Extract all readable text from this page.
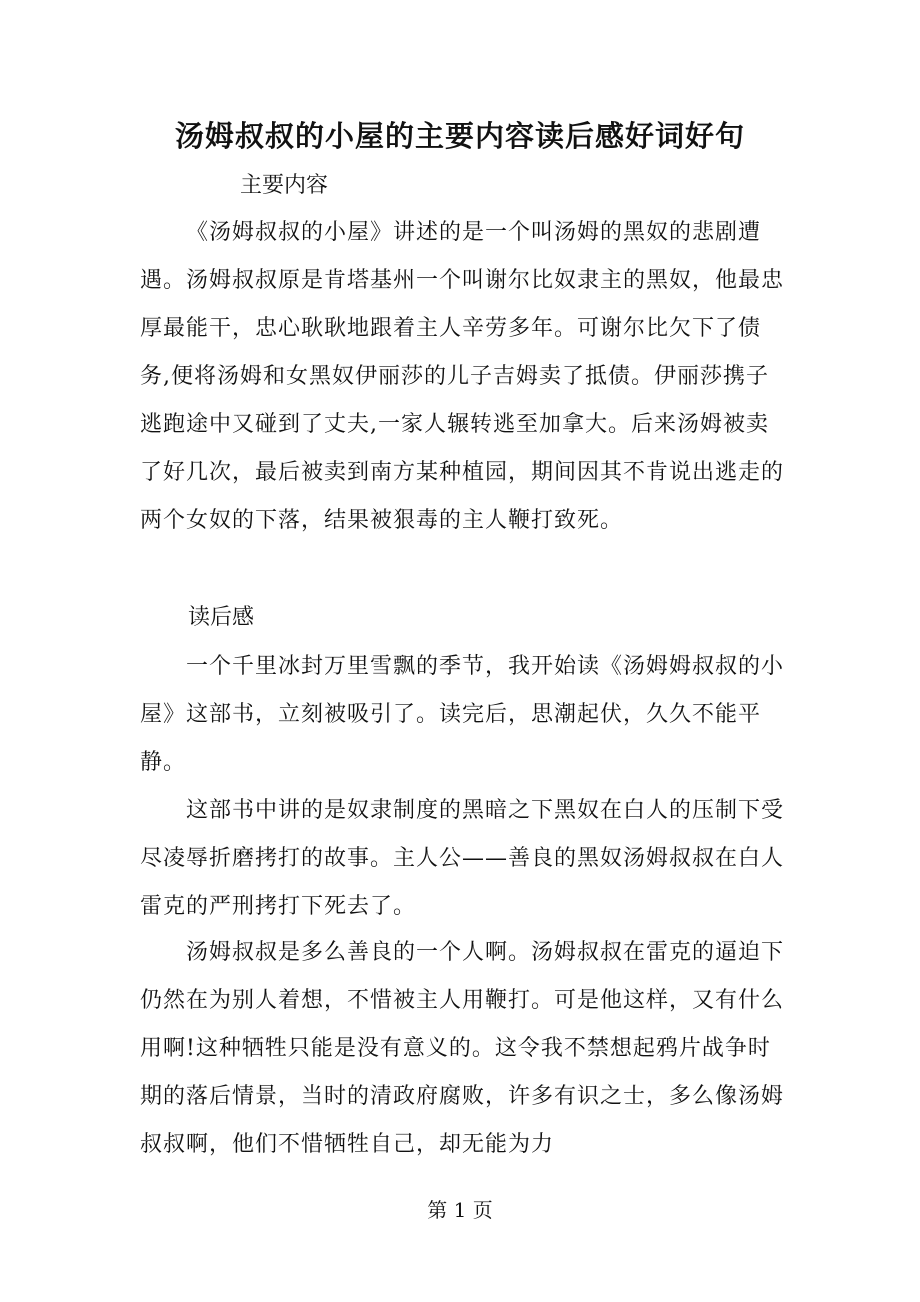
汤姆叔叔的小屋的主要内容读后感好词好句
主要内容

《汤姆叔叔的小屋》讲述的是一个叫汤姆的黑奴的悲剧遭遇。汤姆叔叔原是肯塔基州一个叫谢尔比奴隶主的黑奴，他最忠厚最能干，忠心耿耿地跟着主人辛劳多年。可谢尔比欠下了债务,便将汤姆和女黑奴伊丽莎的儿子吉姆卖了抵债。伊丽莎携子逃跑途中又碰到了丈夫,一家人辗转逃至加拿大。后来汤姆被卖了好几次，最后被卖到南方某种植园，期间因其不肯说出逃走的两个女奴的下落，结果被狠毒的主人鞭打致死。

读后感

一个千里冰封万里雪飘的季节，我开始读《汤姆姆叔叔的小屋》这部书，立刻被吸引了。读完后，思潮起伏，久久不能平静。

这部书中讲的是奴隶制度的黑暗之下黑奴在白人的压制下受尽凌辱折磨拷打的故事。主人公——善良的黑奴汤姆叔叔在白人雷克的严刑拷打下死去了。

汤姆叔叔是多么善良的一个人啊。汤姆叔叔在雷克的逼迫下仍然在为别人着想，不惜被主人用鞭打。可是他这样，又有什么用啊!这种牺牲只能是没有意义的。这令我不禁想起鸦片战争时期的落后情景，当时的清政府腐败，许多有识之士，多么像汤姆叔叔啊，他们不惜牺牲自己，却无能为力

第 1 页
